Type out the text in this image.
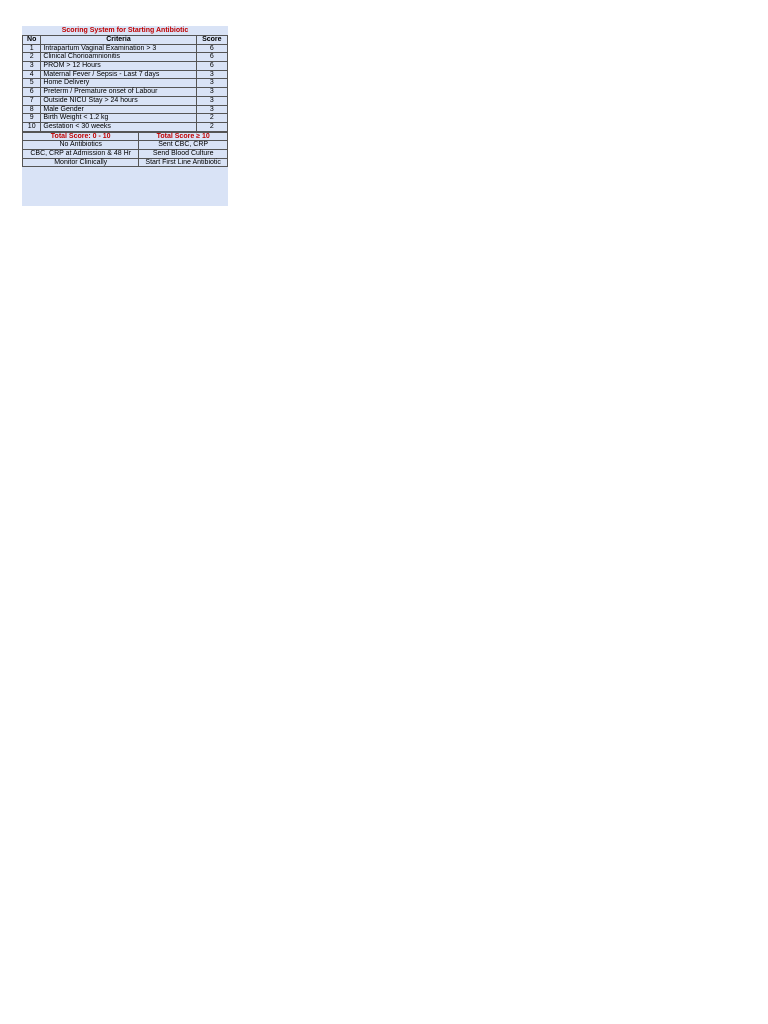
Scoring System for Starting Antibiotic
No	Criteria	Score
1	Intrapartum Vaginal Examination > 3	6
2	Clinical Chorioamnionitis	6
3	PROM > 12 Hours	6
4	Maternal Fever / Sepsis - Last 7 days	3
5	Home Delivery	3
6	Preterm / Premature onset of Labour	3
7	Outside NICU Stay > 24 hours	3
8	Male Gender	3
9	Birth Weight < 1.2 kg	2
10	Gestation < 30 weeks	2
Total Score: 0 - 10	Total Score ≥ 10
No Antibiotics	Sent CBC, CRP
CBC, CRP at Admission & 48 Hr	Send Blood Culture
Monitor Clinically	Start First Line Antibiotic
